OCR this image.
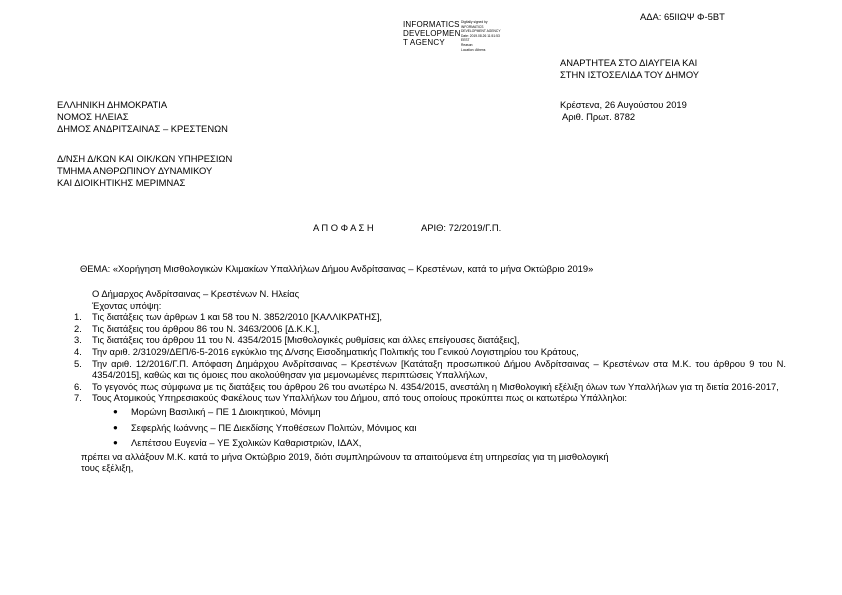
ΑΔΑ: 65ΙΙΩΨ Φ-5ΒΤ
INFORMATICS
DEVELOPMEN
T AGENCY
Digitally signed by
INFORMATICS
DEVELOPMENT AGENCY
Date: 2019.08.26 11:51:53
EEST
Reason:
Location: Athens
ΑΝΑΡΤΗΤΕΑ ΣΤΟ ΔΙΑΥΓΕΙΑ ΚΑΙ
ΣΤΗΝ ΙΣΤΟΣΕΛΙΔΑ ΤΟΥ ΔΗΜΟΥ
ΕΛΛΗΝΙΚΗ ΔΗΜΟΚΡΑΤΙΑ
ΝΟΜΟΣ ΗΛΕΙΑΣ
ΔΗΜΟΣ ΑΝΔΡΙΤΣΑΙΝΑΣ – ΚΡΕΣΤΕΝΩΝ
Κρέστενα, 26 Αυγούστου 2019
Αριθ. Πρωτ. 8782
Δ/ΝΣΗ Δ/ΚΩΝ ΚΑΙ ΟΙΚ/ΚΩΝ ΥΠΗΡΕΣΙΩΝ
ΤΜΗΜΑ ΑΝΘΡΩΠΙΝΟΥ ΔΥΝΑΜΙΚΟΥ
ΚΑΙ ΔΙΟΙΚΗΤΙΚΗΣ ΜΕΡΙΜΝΑΣ
Α Π Ο Φ Α Σ Η	ΑΡΙΘ: 72/2019/Γ.Π.
ΘΕΜΑ: «Χορήγηση Μισθολογικών Κλιμακίων Υπαλλήλων Δήμου Ανδρίτσαινας – Κρεστένων, κατά το μήνα Οκτώβριο 2019»
Ο Δήμαρχος Ανδρίτσαινας – Κρεστένων Ν. Ηλείας
Έχοντας υπόψη:
1. Τις διατάξεις των άρθρων 1 και 58 του Ν. 3852/2010 [ΚΑΛΛΙΚΡΑΤΗΣ],
2. Τις διατάξεις του άρθρου 86 του Ν. 3463/2006 [Δ.Κ.Κ.],
3. Τις διατάξεις του άρθρου 11 του Ν. 4354/2015 [Μισθολογικές ρυθμίσεις και άλλες επείγουσες διατάξεις],
4. Την αριθ. 2/31029/ΔΕΠ/6-5-2016 εγκύκλιο της Δ/νσης Εισοδηματικής Πολιτικής του Γενικού Λογιστηρίου του Κράτους,
5. Την αριθ. 12/2016/Γ.Π. Απόφαση Δημάρχου Ανδρίτσαινας – Κρεστένων [Κατάταξη προσωπικού Δήμου Ανδρίτσαινας – Κρεστένων στα Μ.Κ. του άρθρου 9 του Ν. 4354/2015], καθώς και τις όμοιες που ακολούθησαν για μεμονωμένες περιπτώσεις Υπαλλήλων,
6. Το γεγονός πως σύμφωνα με τις διατάξεις του άρθρου 26 του ανωτέρω Ν. 4354/2015, ανεστάλη η Μισθολογική εξέλιξη όλων των Υπαλλήλων για τη διετία 2016-2017,
7. Τους Ατομικούς Υπηρεσιακούς Φακέλους των Υπαλλήλων του Δήμου, από τους οποίους προκύπτει πως οι κατωτέρω Υπάλληλοι:
● Μορώνη Βασιλική – ΠΕ 1 Διοικητικού, Μόνιμη
● Σεφερλής Ιωάννης – ΠΕ Διεκδίσης Υποθέσεων Πολιτών, Μόνιμος και
● Λεπέτσου Ευγενία – ΥΕ Σχολικών Καθαριστριών, ΙΔΑΧ,
πρέπει να αλλάξουν Μ.Κ. κατά το μήνα Οκτώβριο 2019, διότι συμπληρώνουν τα απαιτούμενα έτη υπηρεσίας για τη μισθολογική
τους εξέλιξη,
